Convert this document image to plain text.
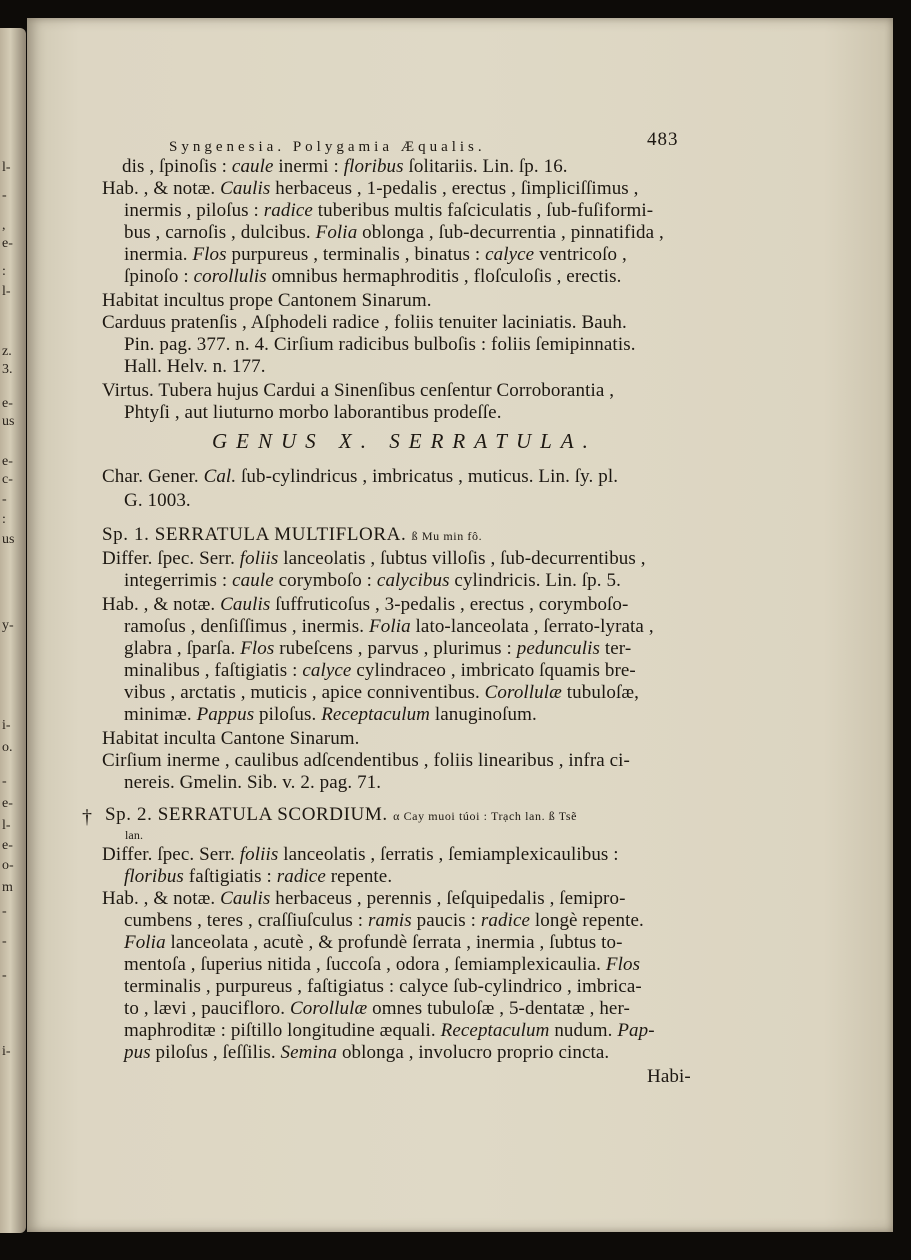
l-
-
,
e-
:
l-
z.
3.
e-
us
e-
c-
-
:
us
y-
i-
o.
-
e-
l-
e-
o-
m
-
-
-
i-
Syngenesia. Polygamia Æqualis.	483
dis , ſpinoſis : caule inermi : floribus ſolitariis. Lin. ſp. 16.
Hab. , & notæ. Caulis herbaceus , 1-pedalis , erectus , ſimpliciſſimus ,
inermis , piloſus : radice tuberibus multis faſciculatis , ſub-fuſiformi-
bus , carnoſis , dulcibus. Folia oblonga , ſub-decurrentia , pinnatifida ,
inermia. Flos purpureus , terminalis , binatus : calyce ventricoſo ,
ſpinoſo : corollulis omnibus hermaphroditis , floſculoſis , erectis.
Habitat incultus prope Cantonem Sinarum.
Carduus pratenſis , Aſphodeli radice , foliis tenuiter laciniatis. Bauh.
Pin. pag. 377. n. 4. Cirſium radicibus bulboſis : foliis ſemipinnatis.
Hall. Helv. n. 177.
Virtus. Tubera hujus Cardui a Sinenſibus cenſentur Corroborantia ,
Phtyſi , aut liuturno morbo laborantibus prodeſſe.
GENUS X. SERRATULA.
Char. Gener. Cal. ſub-cylindricus , imbricatus , muticus. Lin. ſy. pl.
G. 1003.
Sp. 1. SERRATULA MULTIFLORA. ß Mu min fô.
Differ. ſpec. Serr. foliis lanceolatis , ſubtus villoſis , ſub-decurrentibus ,
integerrimis : caule corymboſo : calycibus cylindricis. Lin. ſp. 5.
Hab. , & notæ. Caulis ſuffruticoſus , 3-pedalis , erectus , corymboſo-
ramoſus , denſiſſimus , inermis. Folia lato-lanceolata , ſerrato-lyrata ,
glabra , ſparſa. Flos rubeſcens , parvus , plurimus : pedunculis ter-
minalibus , faſtigiatis : calyce cylindraceo , imbricato ſquamis bre-
vibus , arctatis , muticis , apice conniventibus. Corollulæ tubuloſæ,
minimæ. Pappus piloſus. Receptaculum lanuginoſum.
Habitat inculta Cantone Sinarum.
Cirſium inerme , caulibus adſcendentibus , foliis linearibus , infra ci-
nereis. Gmelin. Sib. v. 2. pag. 71.
† Sp. 2. SERRATULA SCORDIUM. α Cay muoi túoi : Trạch lan. ß Tsẽ
lan.
Differ. ſpec. Serr. foliis lanceolatis , ſerratis , ſemiamplexicaulibus :
floribus faſtigiatis : radice repente.
Hab. , & notæ. Caulis herbaceus , perennis , ſeſquipedalis , ſemipro-
cumbens , teres , craſſiuſculus : ramis paucis : radice longè repente.
Folia lanceolata , acutè , & profundè ſerrata , inermia , ſubtus to-
mentoſa , ſuperius nitida , ſuccoſa , odora , ſemiamplexicaulia. Flos
terminalis , purpureus , faſtigiatus : calyce ſub-cylindrico , imbrica-
to , lævi , paucifloro. Corollulæ omnes tubuloſæ , 5-dentatæ , her-
maphroditæ : piſtillo longitudine æquali. Receptaculum nudum. Pap-
pus piloſus , ſeſſilis. Semina oblonga , involucro proprio cincta.
Habi-
